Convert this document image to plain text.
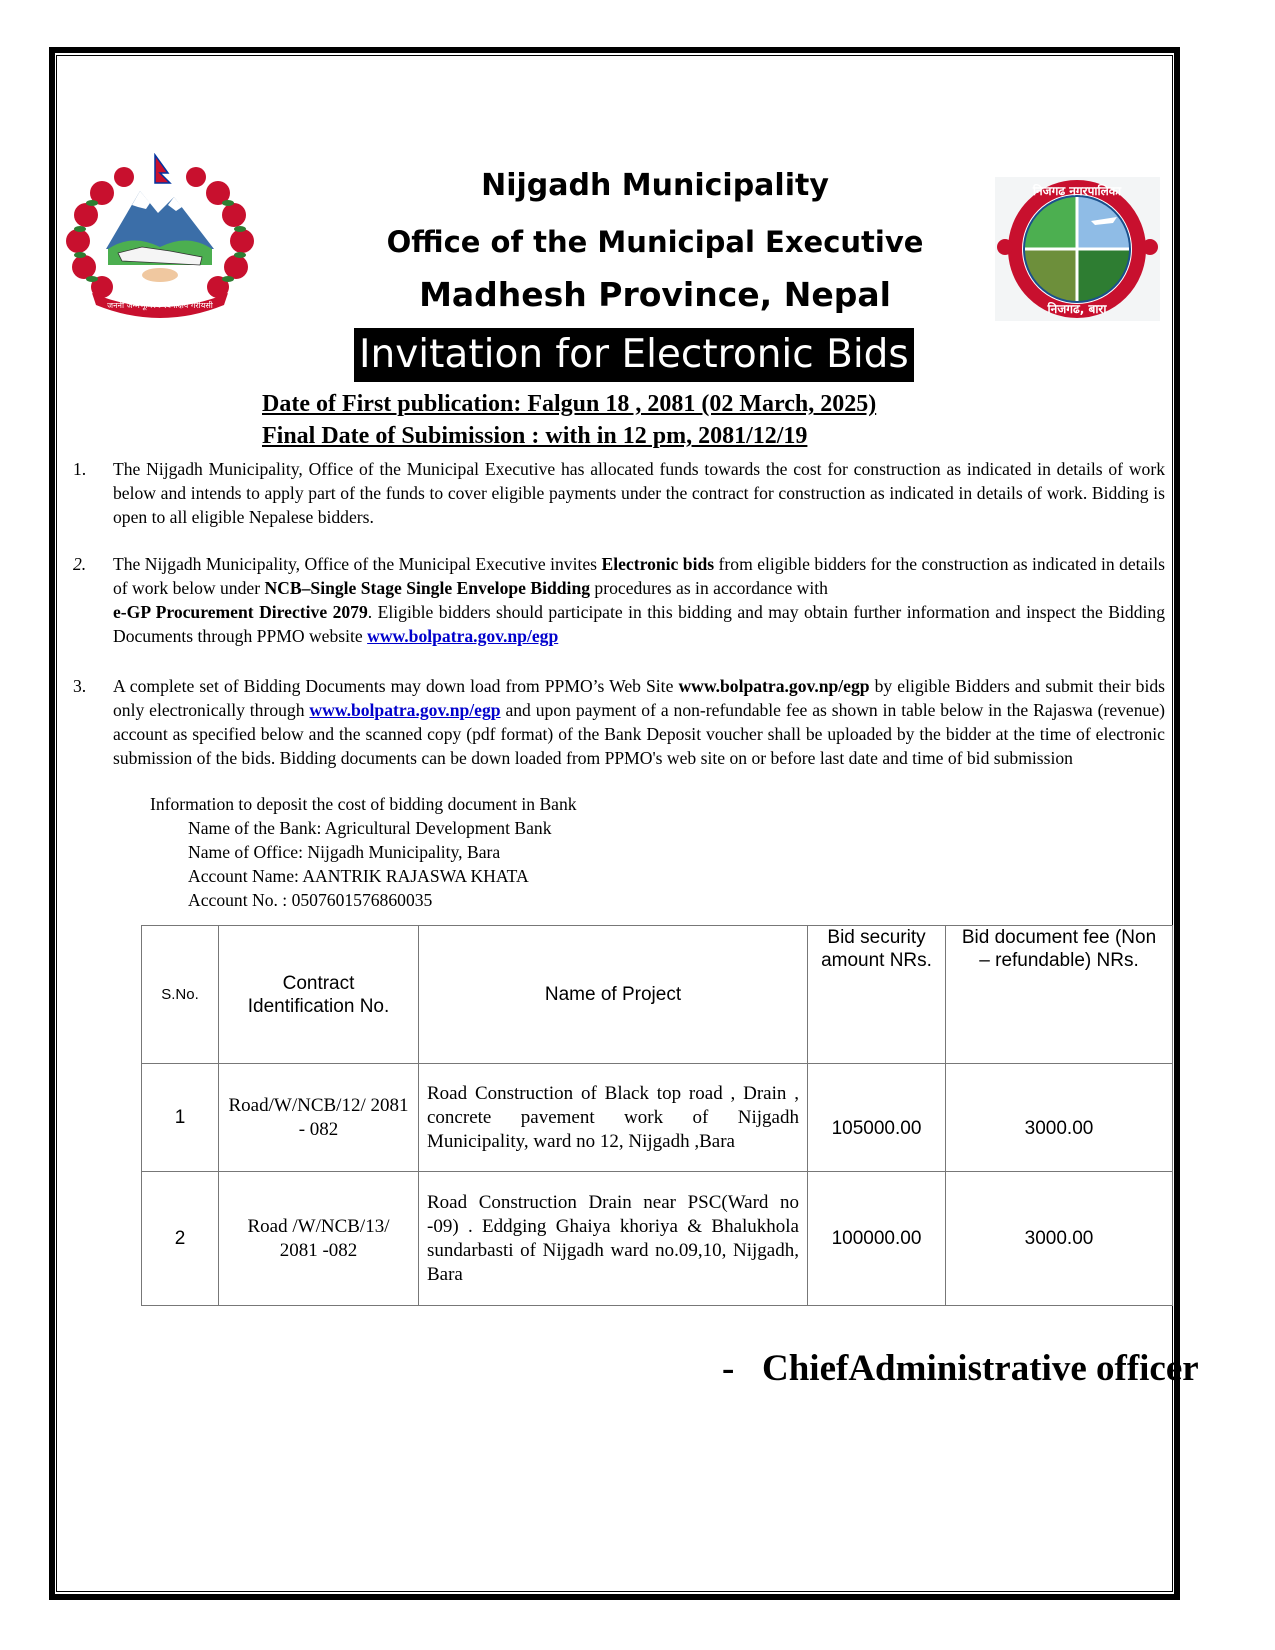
जननी जन्मभूमिश्च स्वर्गादपि गरीयसी
निजगढ नगरपालिका
निजगढ, बारा
Nijgadh Municipality
Office of the Municipal Executive
Madhesh Province, Nepal
Invitation for Electronic Bids
Date of First publication: Falgun 18 , 2081 (02 March, 2025)
Final Date of Subimission : with in 12 pm, 2081/12/19
1. The Nijgadh Municipality, Office of the Municipal Executive has allocated funds towards the cost for construction as indicated in details of work below and intends to apply part of the funds to cover eligible payments under the contract for construction as indicated in details of work. Bidding is open to all eligible Nepalese bidders.
2. The Nijgadh Municipality, Office of the Municipal Executive invites Electronic bids from eligible bidders for the construction as indicated in details of work below under NCB–Single Stage Single Envelope Bidding procedures as in accordance with
e-GP Procurement Directive 2079. Eligible bidders should participate in this bidding and may obtain further information and inspect the Bidding Documents through PPMO website www.bolpatra.gov.np/egp
3. A complete set of Bidding Documents may down load from PPMO’s Web Site www.bolpatra.gov.np/egp by eligible Bidders and submit their bids only electronically through www.bolpatra.gov.np/egp and upon payment of a non-refundable fee as shown in table below in the Rajaswa (revenue) account as specified below and the scanned copy (pdf format) of the Bank Deposit voucher shall be uploaded by the bidder at the time of electronic submission of the bids. Bidding documents can be down loaded from PPMO's web site on or before last date and time of bid submission
Information to deposit the cost of bidding document in Bank
Name of the Bank: Agricultural Development Bank
Name of Office: Nijgadh Municipality, Bara
Account Name: AANTRIK RAJASWA KHATA
Account No. : 0507601576860035
S.No.	Contract Identification No.	Name of Project	Bid security amount NRs.	Bid document fee (Non – refundable) NRs.
1	Road/W/NCB/12/ 2081 - 082	Road Construction of Black top road , Drain , concrete pavement work of Nijgadh Municipality, ward no 12, Nijgadh ,Bara	105000.00	3000.00
2	Road /W/NCB/13/ 2081 -082	Road Construction Drain near PSC(Ward no -09) . Eddging Ghaiya khoriya & Bhalukhola sundarbasti of Nijgadh ward no.09,10, Nijgadh, Bara	100000.00	3000.00
- ChiefAdministrative officer
